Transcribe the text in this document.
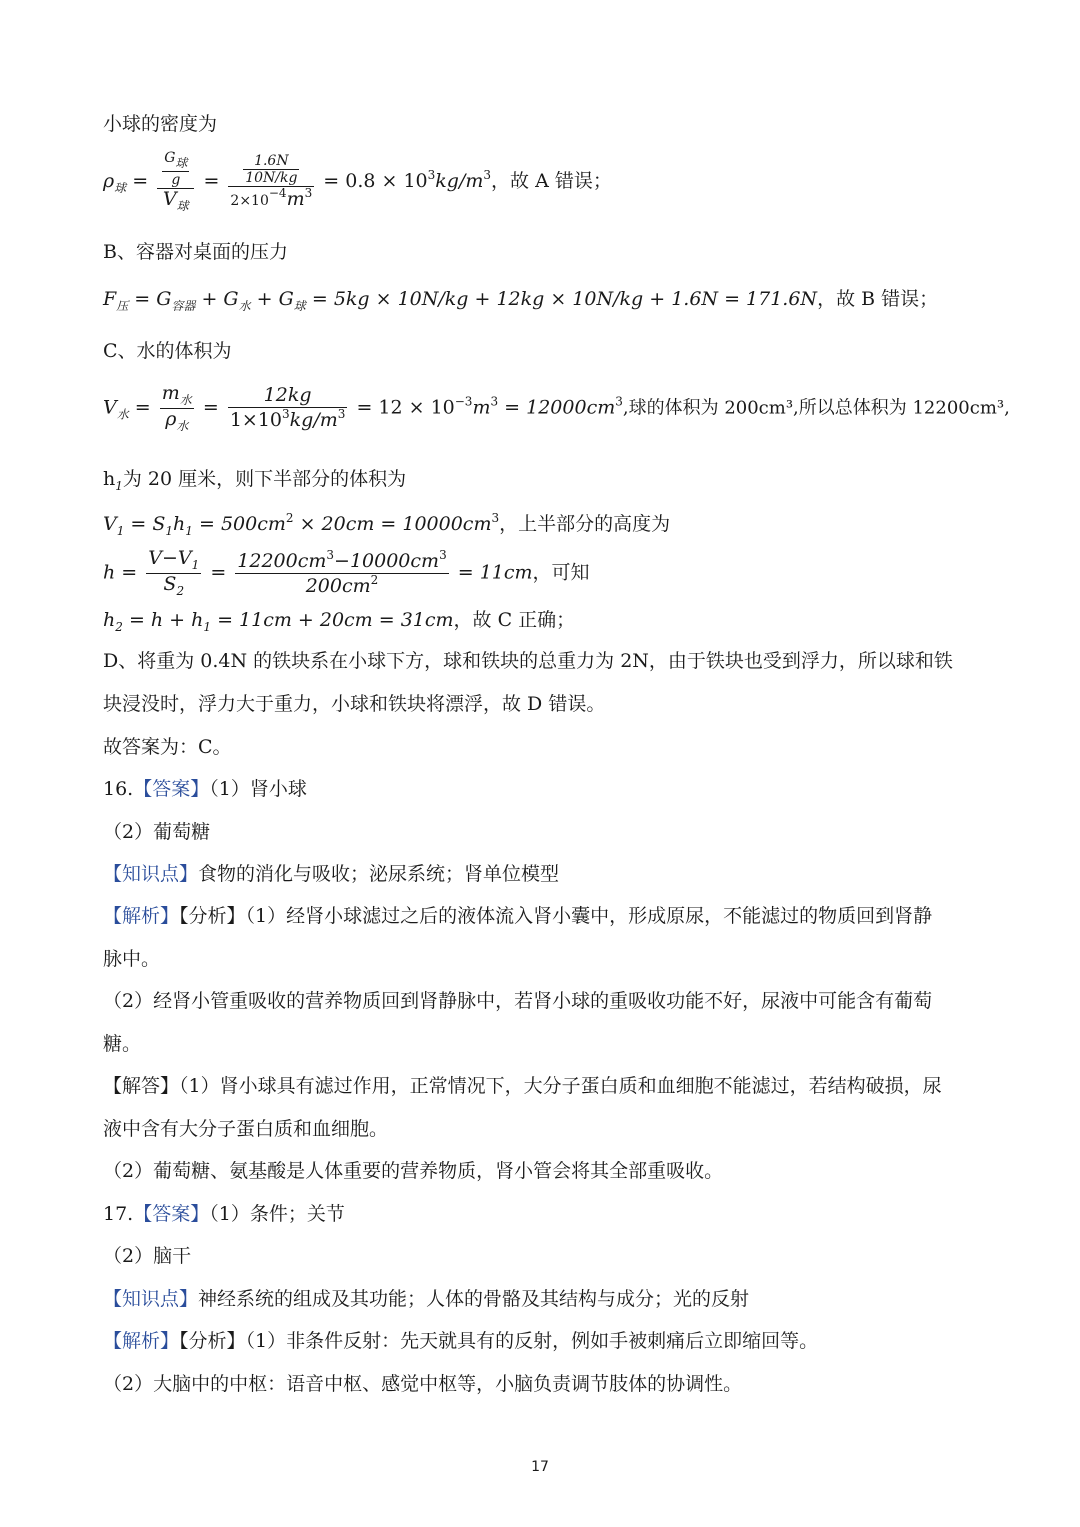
小球的密度为
$\rho_球 = \frac{\frac{\text{G球}}{g}}{V_球} = \frac{\frac{1.6N}{10N/kg}}{2\times 10-4m3} = 0.8 \times 10^3kg/m^3$，故 A 错误；
B、容器对桌面的压力
$F_压 = G_{容器} + G_水 + G_球 = 5kg \times 10N/kg + 12kg \times 10N/kg + 1.6N = 171.6N$，故 B 错误；
C、水的体积为
$V_水 = \frac{m_水}{\rho_水} = \frac{12kg}{1\times 10^3kg/m^3} = 12 \times 10^{-3}m^3 = 12000cm^3$,球的体积为 200cm³,所以总体积为 12200cm³,
$h_1$为 20 厘米，则下半部分的体积为
$V_1 = S_1h_1 = 500cm^2 \times 20cm = 10000cm^3$，上半部分的高度为
$h = \frac{V-V_1}{S_2} = \frac{12200cm^3-10000cm^3}{200cm^2} = 11cm$，可知
$h_2 = h + h_1 = 11cm + 20cm = 31cm$，故 C 正确；
D、将重为 0.4N 的铁块系在小球下方，球和铁块的总重力为 2N，由于铁块也受到浮力，所以球和铁
块浸没时，浮力大于重力，小球和铁块将漂浮，故 D 错误。
故答案为：C。
16.【答案】（1）肾小球
（2）葡萄糖
【知识点】食物的消化与吸收；泌尿系统；肾单位模型
【解析】【分析】（1）经肾小球滤过之后的液体流入肾小囊中，形成原尿，不能滤过的物质回到肾静
脉中。
（2）经肾小管重吸收的营养物质回到肾静脉中，若肾小球的重吸收功能不好，尿液中可能含有葡萄
糖。
【解答】（1）肾小球具有滤过作用，正常情况下，大分子蛋白质和血细胞不能滤过，若结构破损，尿
液中含有大分子蛋白质和血细胞。
（2）葡萄糖、氨基酸是人体重要的营养物质，肾小管会将其全部重吸收。
17.【答案】（1）条件；关节
（2）脑干
【知识点】神经系统的组成及其功能；人体的骨骼及其结构与成分；光的反射
【解析】【分析】（1）非条件反射：先天就具有的反射，例如手被刺痛后立即缩回等。
（2）大脑中的中枢：语音中枢、感觉中枢等，小脑负责调节肢体的协调性。
17
